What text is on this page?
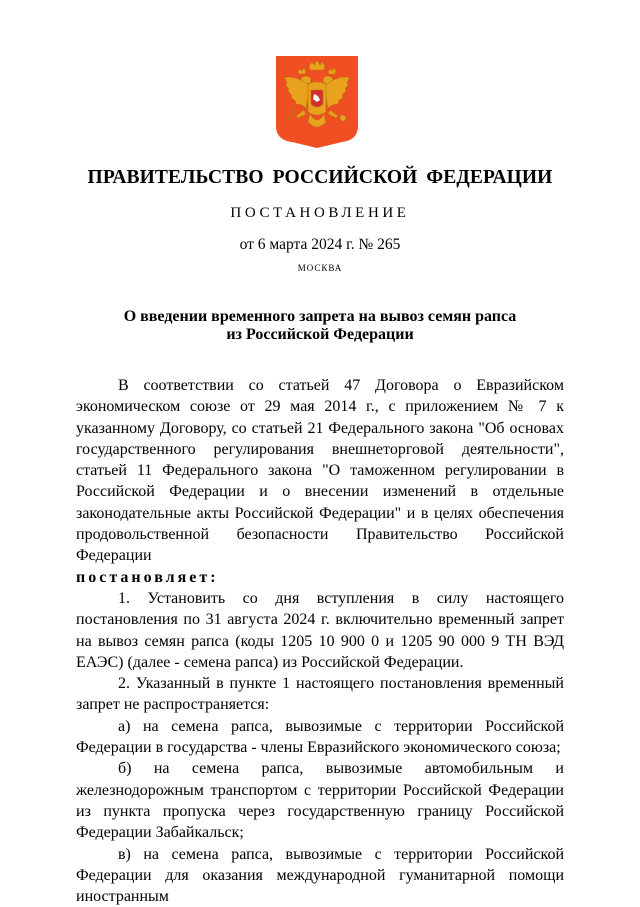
ПРАВИТЕЛЬСТВО РОССИЙСКОЙ ФЕДЕРАЦИИ
ПОСТАНОВЛЕНИЕ
от 6 марта 2024 г. № 265
МОСКВА
О введении временного запрета на вывоз семян рапса
из Российской Федерации

В соответствии со статьей 47 Договора о Евразийском экономическом союзе от 29 мая 2014 г., с приложением № 7 к указанному Договору, со статьей 21 Федерального закона "Об основах государственного регулирования внешнеторговой деятельности", статьей 11 Федерального закона "О таможенном регулировании в Российской Федерации и о внесении изменений в отдельные законодательные акты Российской Федерации" и в целях обеспечения продовольственной безопасности Правительство Российской Федерации

постановляет:

1. Установить со дня вступления в силу настоящего постановления по 31 августа 2024 г. включительно временный запрет на вывоз семян рапса (коды 1205 10 900 0 и 1205 90 000 9 ТН ВЭД ЕАЭС) (далее - семена рапса) из Российской Федерации.

2. Указанный в пункте 1 настоящего постановления временный запрет не распространяется:

а) на семена рапса, вывозимые с территории Российской Федерации в государства - члены Евразийского экономического союза;

б) на семена рапса, вывозимые автомобильным и железнодорожным транспортом с территории Российской Федерации из пункта пропуска через государственную границу Российской Федерации Забайкальск;

в) на семена рапса, вывозимые с территории Российской Федерации для оказания международной гуманитарной помощи иностранным
